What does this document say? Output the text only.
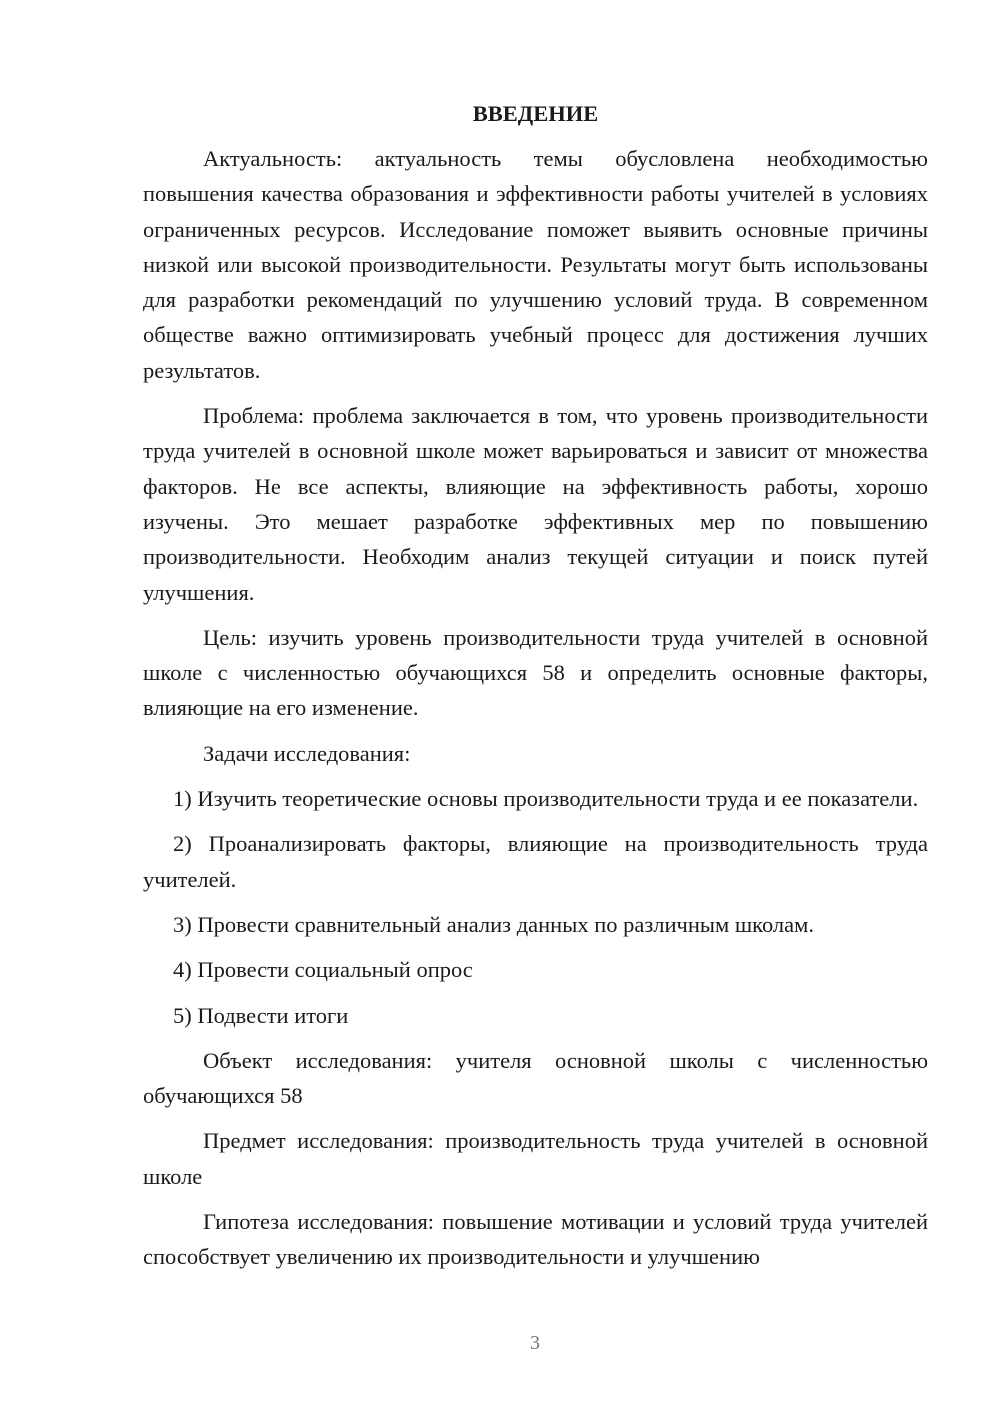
ВВЕДЕНИЕ
Актуальность: актуальность темы обусловлена необходимостью повышения качества образования и эффективности работы учителей в условиях ограниченных ресурсов. Исследование поможет выявить основные причины низкой или высокой производительности. Результаты могут быть использованы для разработки рекомендаций по улучшению условий труда. В современном обществе важно оптимизировать учебный процесс для достижения лучших результатов.
Проблема: проблема заключается в том, что уровень производительности труда учителей в основной школе может варьироваться и зависит от множества факторов. Не все аспекты, влияющие на эффективность работы, хорошо изучены. Это мешает разработке эффективных мер по повышению производительности. Необходим анализ текущей ситуации и поиск путей улучшения.
Цель: изучить уровень производительности труда учителей в основной школе с численностью обучающихся 58 и определить основные факторы, влияющие на его изменение.
Задачи исследования:
1) Изучить теоретические основы производительности труда и ее показатели.
2) Проанализировать факторы, влияющие на производительность труда учителей.
3) Провести сравнительный анализ данных по различным школам.
4) Провести социальный опрос
5) Подвести итоги
Объект исследования: учителя основной школы с численностью обучающихся 58
Предмет исследования: производительность труда учителей в основной школе
Гипотеза исследования: повышение мотивации и условий труда учителей способствует увеличению их производительности и улучшению
3
